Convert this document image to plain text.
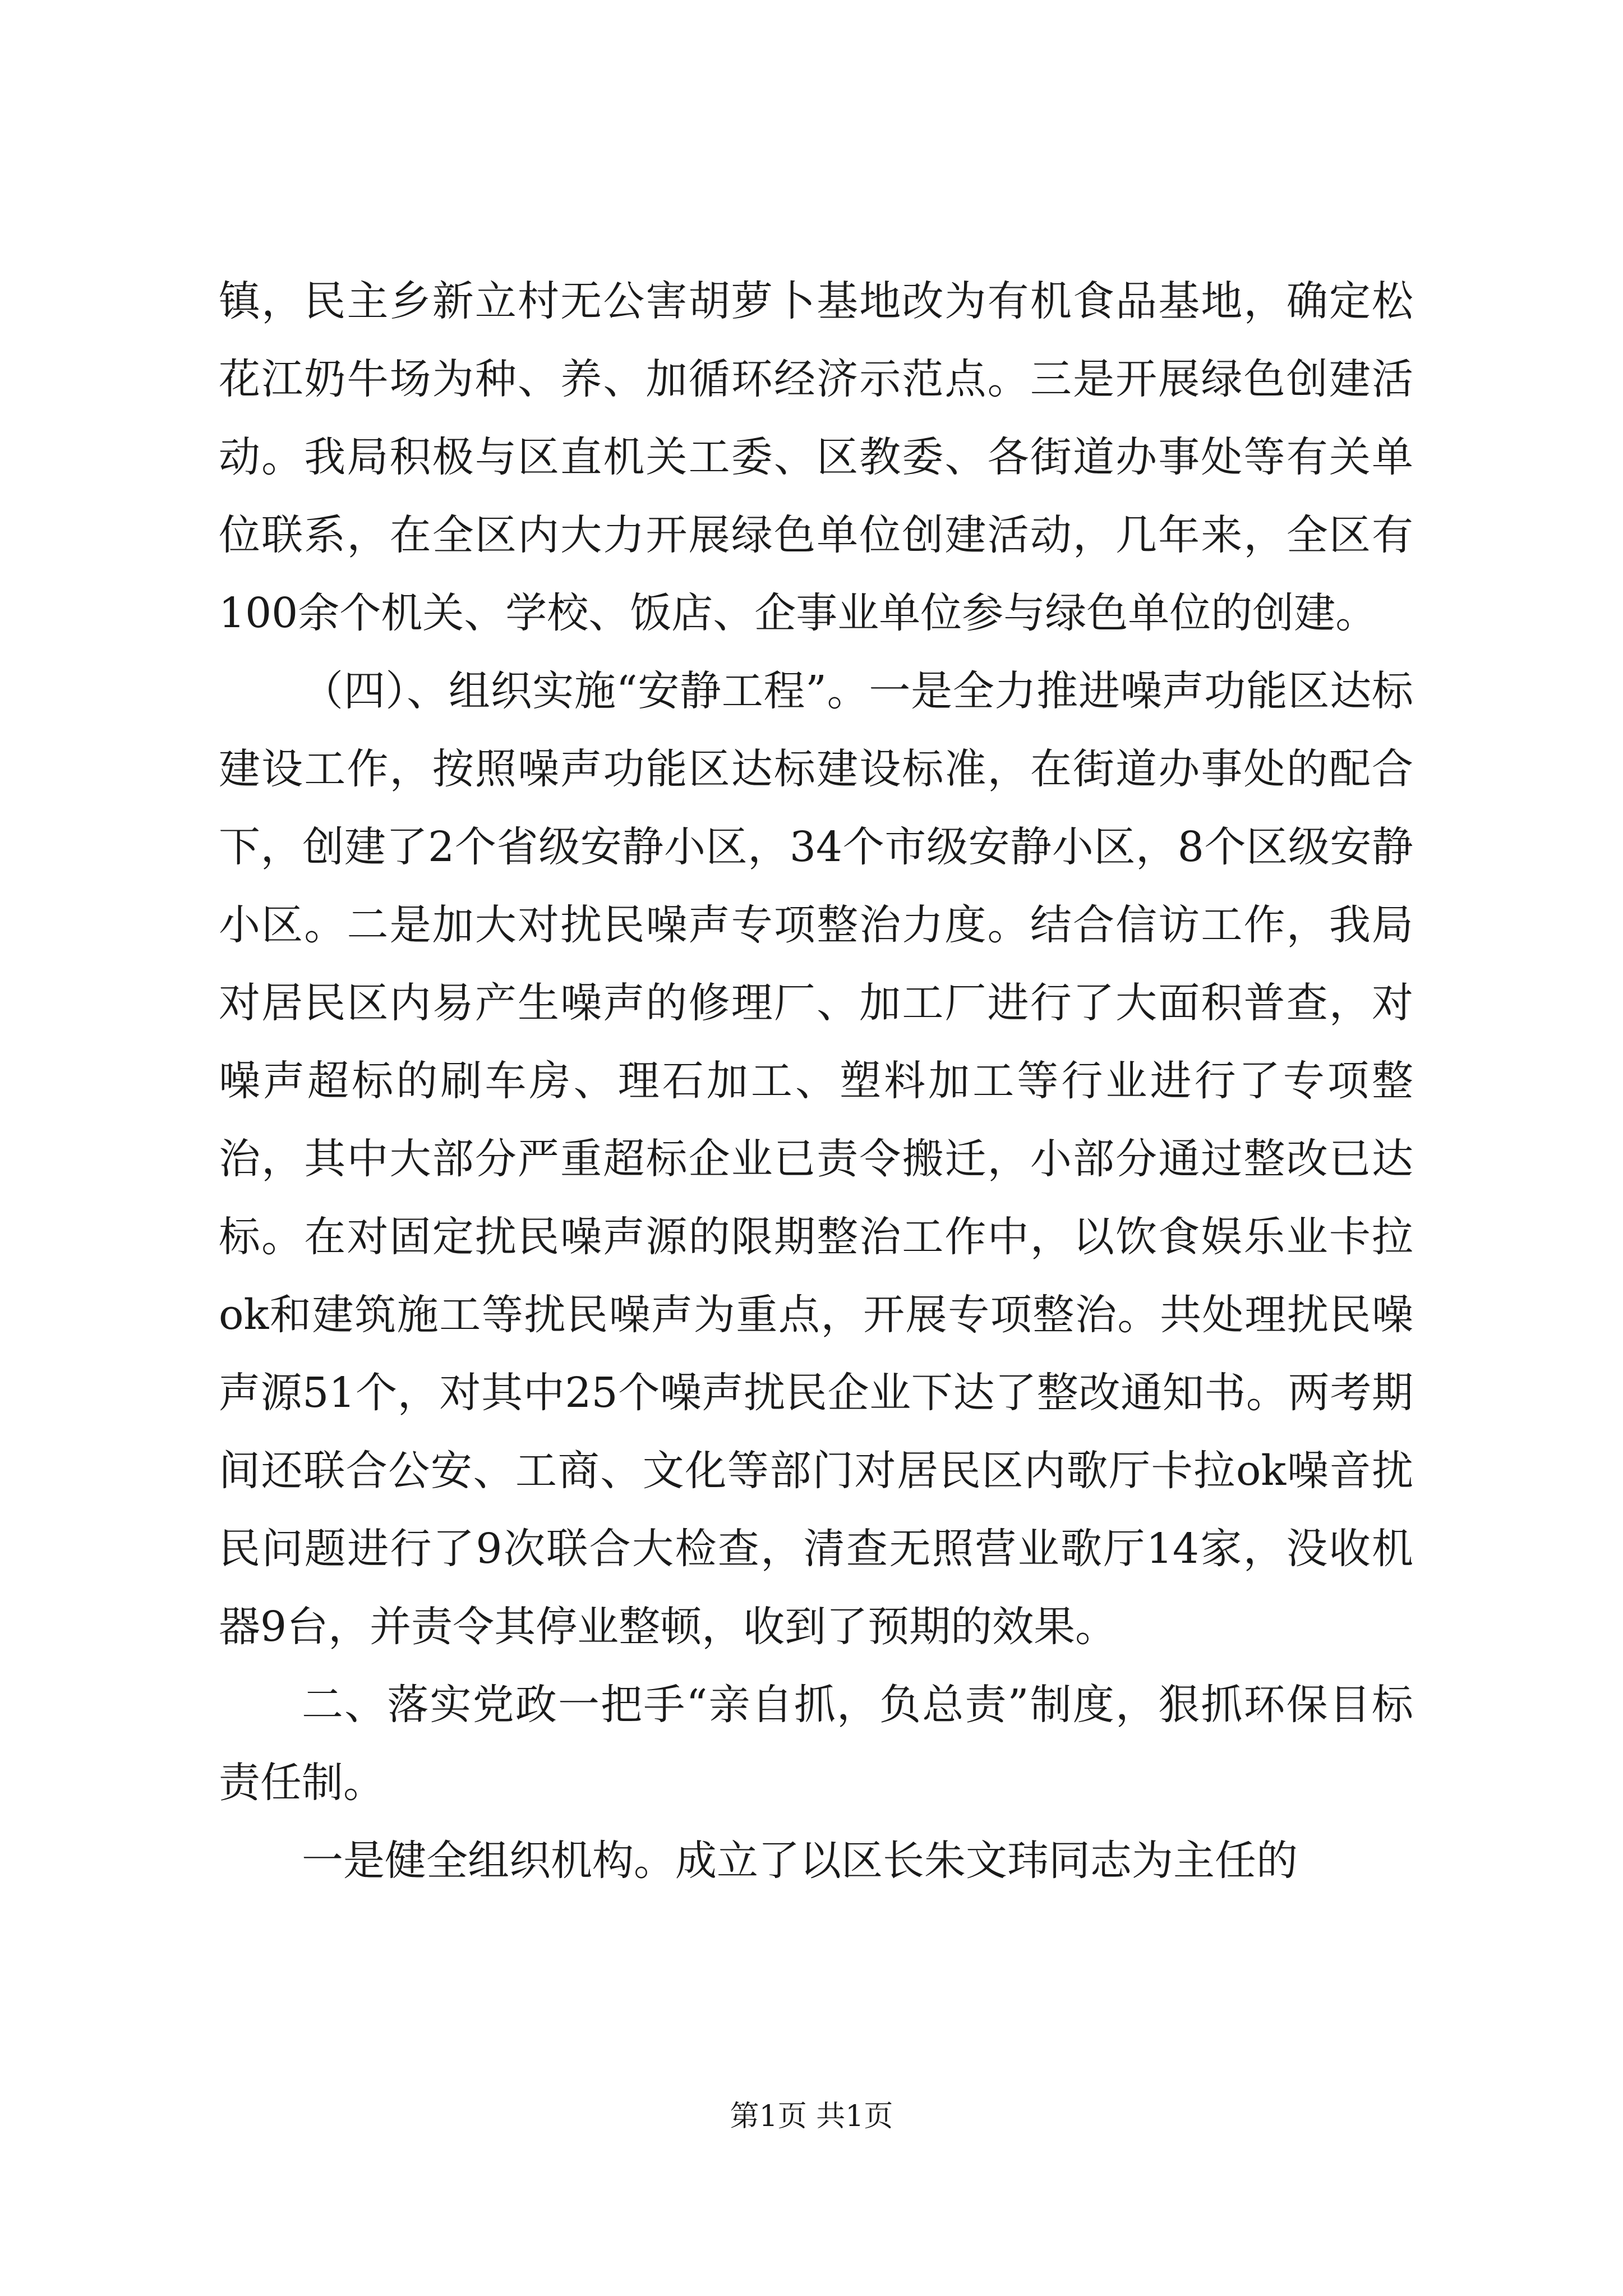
镇，民主乡新立村无公害胡萝卜基地改为有机食品基地，确定松花江奶牛场为种、养、加循环经济示范点。三是开展绿色创建活动。我局积极与区直机关工委、区教委、各街道办事处等有关单位联系，在全区内大力开展绿色单位创建活动，几年来，全区有100余个机关、学校、饭店、企事业单位参与绿色单位的创建。

（四）、组织实施“安静工程”。一是全力推进噪声功能区达标建设工作，按照噪声功能区达标建设标准，在街道办事处的配合下，创建了2个省级安静小区，34个市级安静小区，8个区级安静小区。二是加大对扰民噪声专项整治力度。结合信访工作，我局对居民区内易产生噪声的修理厂、加工厂进行了大面积普查，对噪声超标的刷车房、理石加工、塑料加工等行业进行了专项整治，其中大部分严重超标企业已责令搬迁，小部分通过整改已达标。在对固定扰民噪声源的限期整治工作中，以饮食娱乐业卡拉ok和建筑施工等扰民噪声为重点，开展专项整治。共处理扰民噪声源51个，对其中25个噪声扰民企业下达了整改通知书。两考期间还联合公安、工商、文化等部门对居民区内歌厅卡拉ok噪音扰民问题进行了9次联合大检查，清查无照营业歌厅14家，没收机器9台，并责令其停业整顿，收到了预期的效果。

二、落实党政一把手“亲自抓，负总责”制度，狠抓环保目标责任制。

一是健全组织机构。成立了以区长朱文玮同志为主任的

第1页 共1页
